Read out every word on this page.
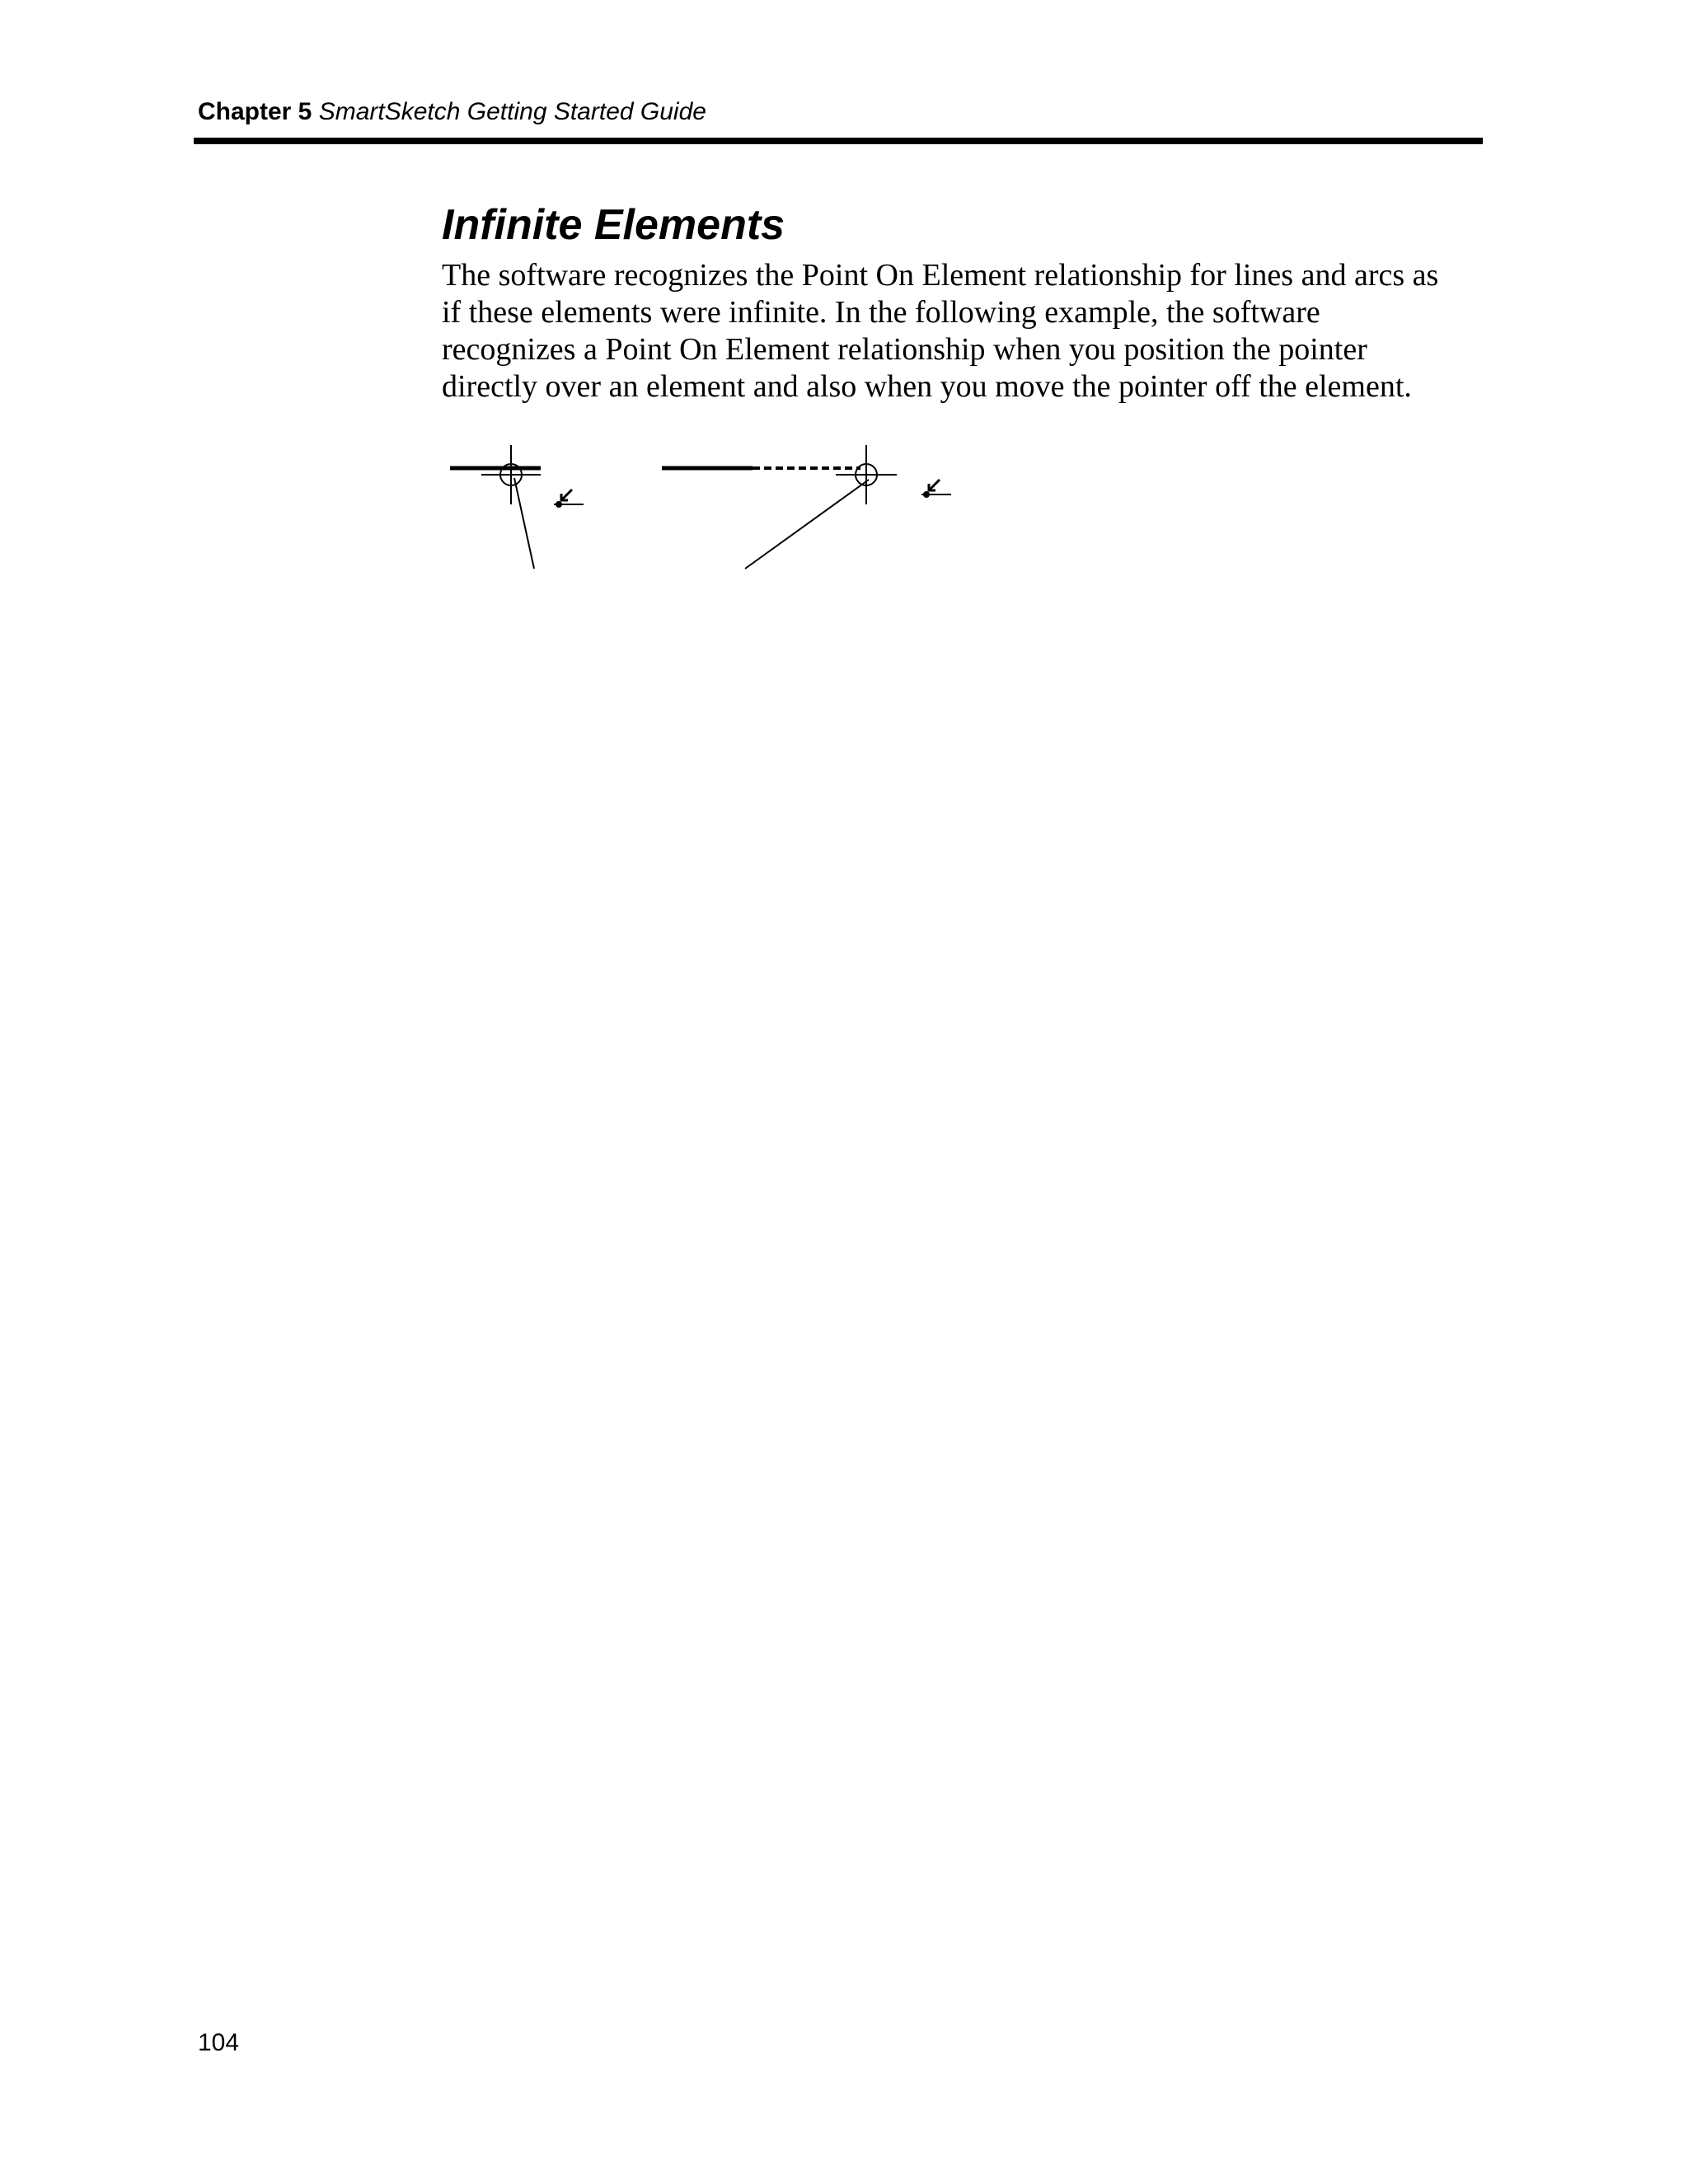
Chapter 5 SmartSketch Getting Started Guide
Infinite Elements

The software recognizes the Point On Element relationship for lines and arcs as if these elements were infinite. In the following example, the software recognizes a Point On Element relationship when you position the pointer directly over an element and also when you move the pointer off the element.

104
